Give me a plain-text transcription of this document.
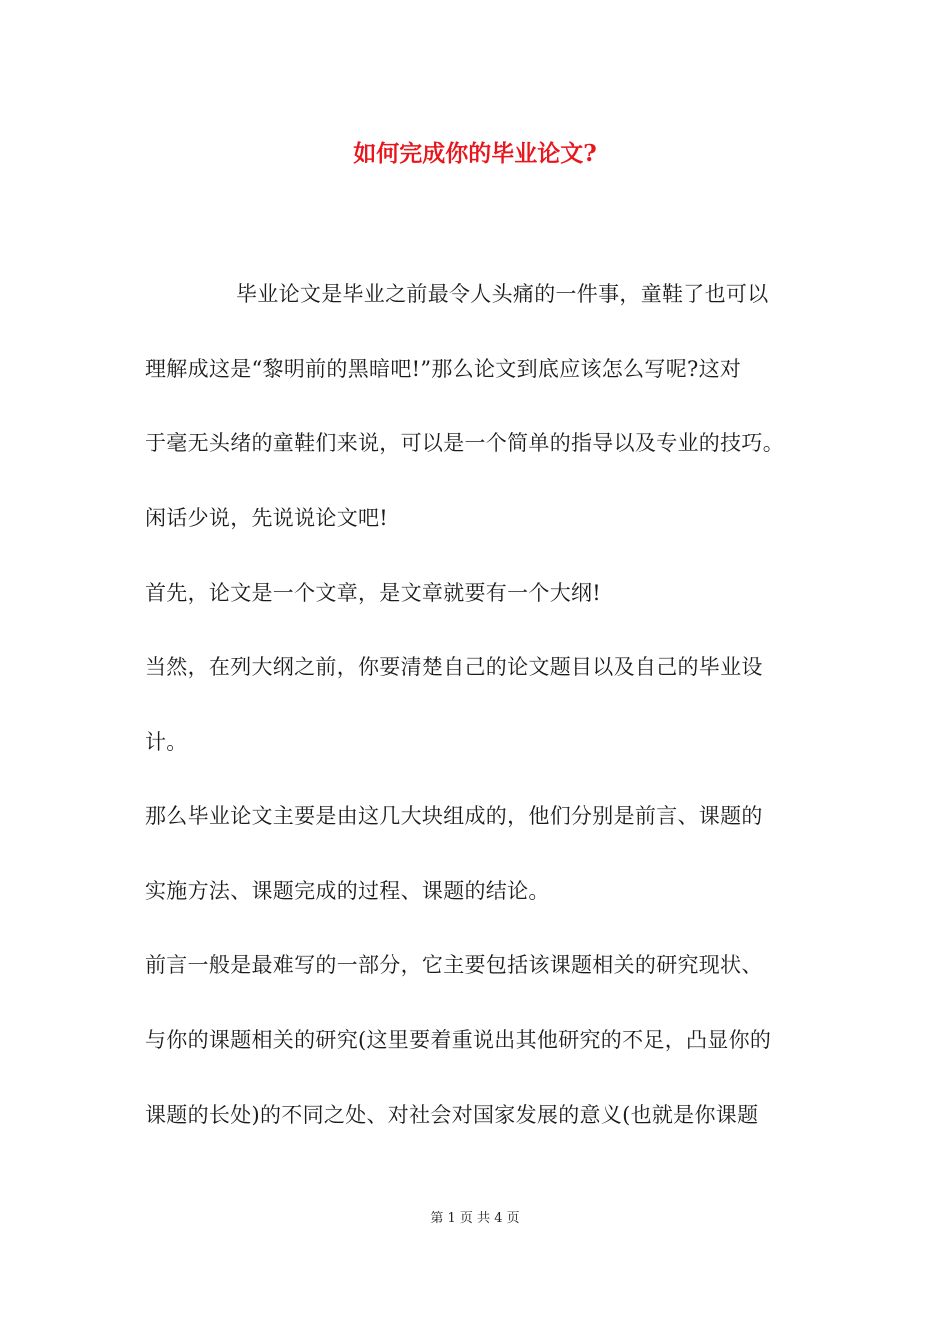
如何完成你的毕业论文?
毕业论文是毕业之前最令人头痛的一件事，童鞋了也可以
理解成这是“黎明前的黑暗吧!”那么论文到底应该怎么写呢?这对
于毫无头绪的童鞋们来说，可以是一个简单的指导以及专业的技巧。
闲话少说，先说说论文吧!
首先，论文是一个文章，是文章就要有一个大纲!
当然，在列大纲之前，你要清楚自己的论文题目以及自己的毕业设
计。
那么毕业论文主要是由这几大块组成的，他们分别是前言、课题的
实施方法、课题完成的过程、课题的结论。
前言一般是最难写的一部分，它主要包括该课题相关的研究现状、
与你的课题相关的研究(这里要着重说出其他研究的不足，凸显你的
课题的长处)的不同之处、对社会对国家发展的意义(也就是你课题
第 1 页 共 4 页
